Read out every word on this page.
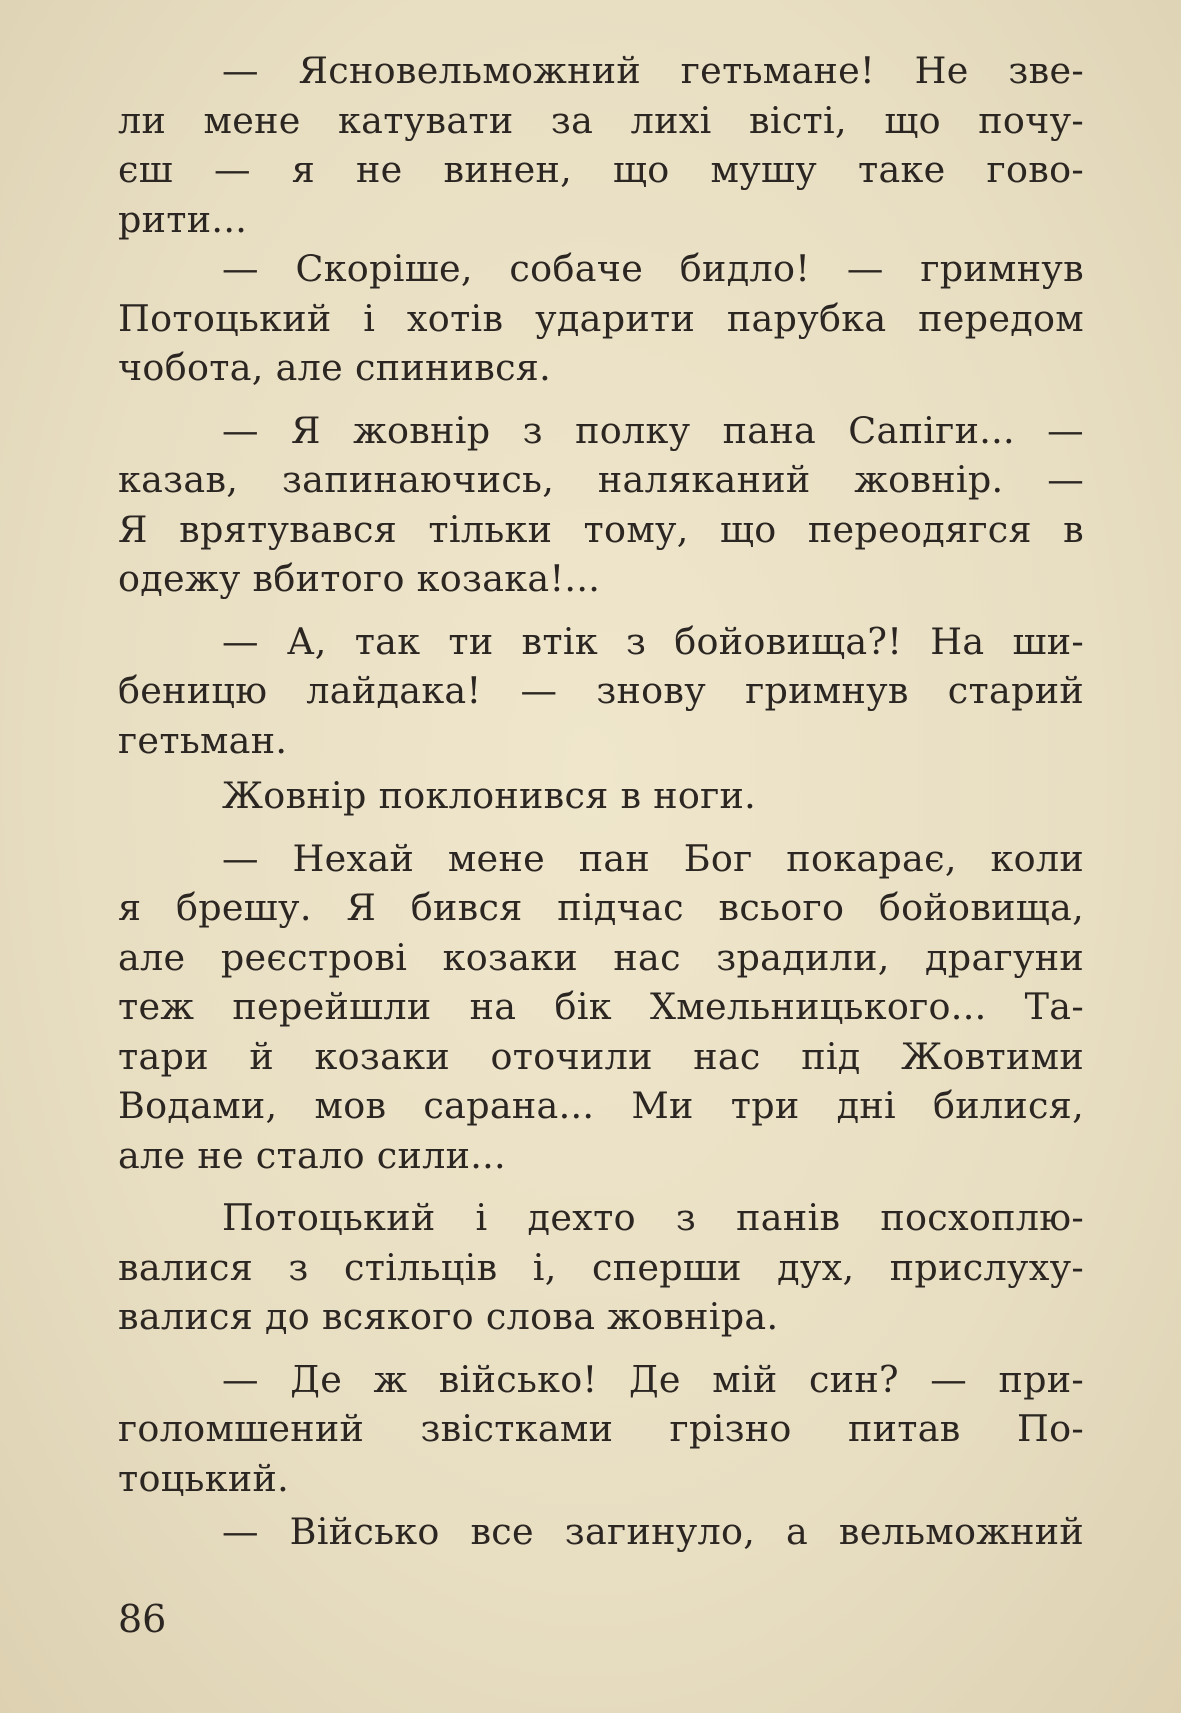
— Ясновельможний гетьмане! Не зве-
ли мене катувати за лихі вісті, що почу-
єш — я не винен, що мушу таке гово-
рити...
— Скоріше, собаче бидло! — гримнув
Потоцький і хотів ударити парубка передом
чобота, але спинився.
— Я жовнір з полку пана Сапіги... —
казав, запинаючись, наляканий жовнір. —
Я врятувався тільки тому, що переодягся в
одежу вбитого козака!...
— А, так ти втік з бойовища?! На ши-
беницю лайдака! — знову гримнув старий
гетьман.
Жовнір поклонився в ноги.
— Нехай мене пан Бог покарає, коли
я брешу. Я бився підчас всього бойовища,
але реєстрові козаки нас зрадили, драгуни
теж перейшли на бік Хмельницького... Та-
тари й козаки оточили нас під Жовтими
Водами, мов сарана... Ми три дні билися,
але не стало сили...
Потоцький і дехто з панів посхоплю-
валися з стільців і, сперши дух, прислуху-
валися до всякого слова жовніра.
— Де ж військо! Де мій син? — при-
голомшений звістками грізно питав По-
тоцький.
— Військо все загинуло, а вельможний
86
